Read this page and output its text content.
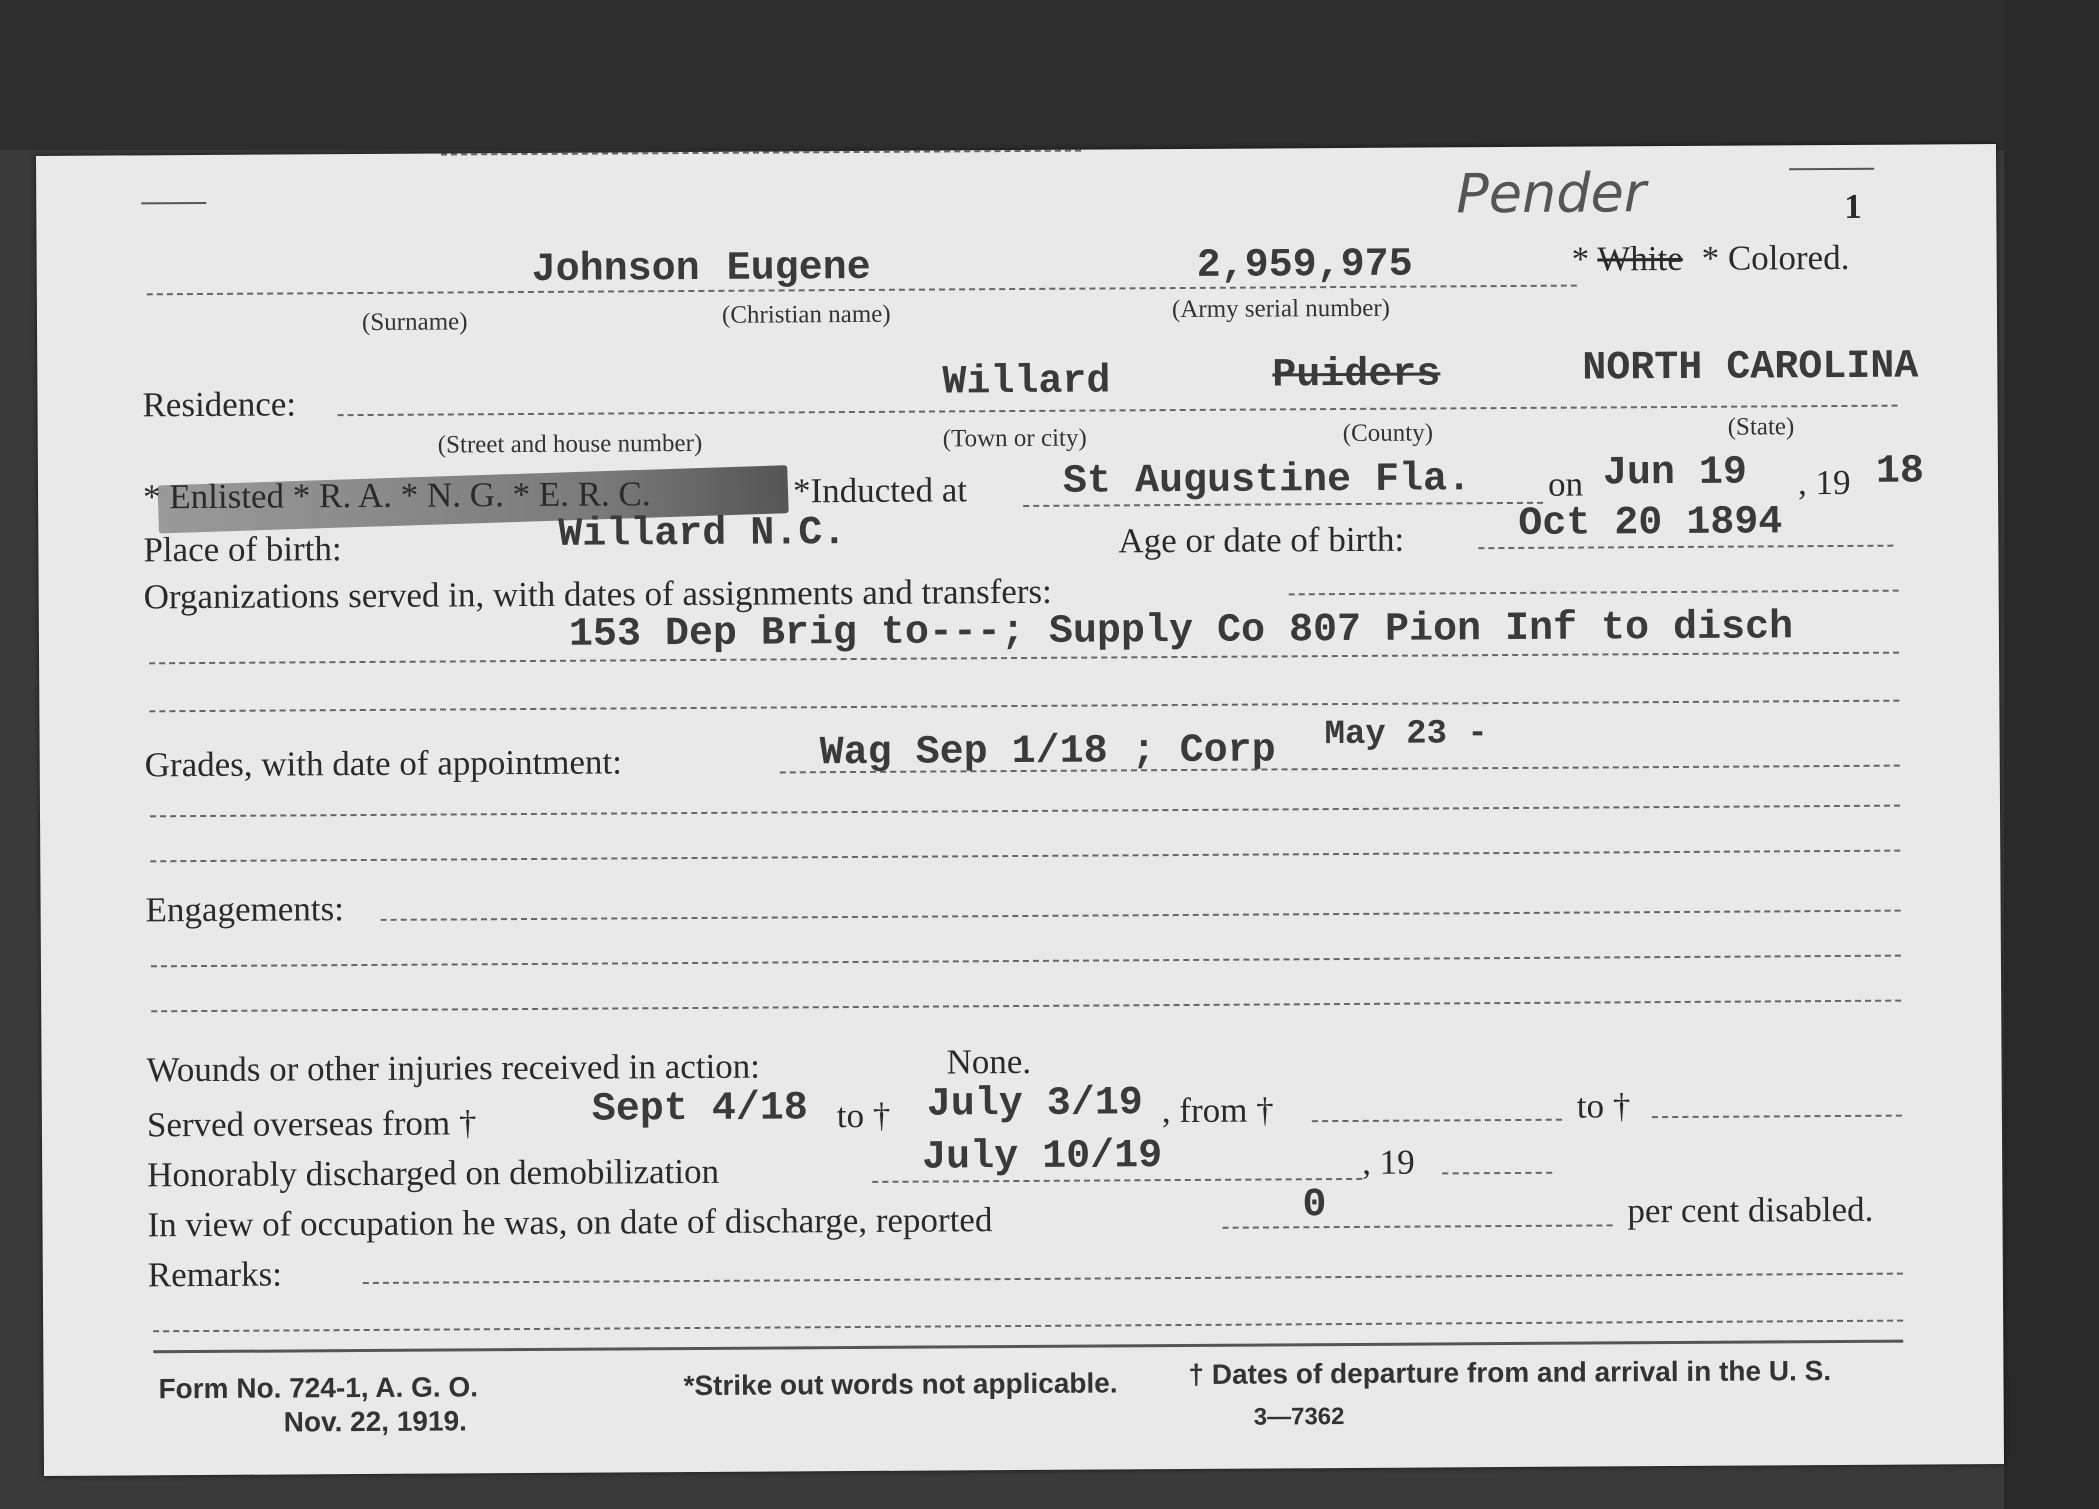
Pender	1
Johnson Eugene	2,959,975	* White * Colored.
(Surname)	(Christian name)	(Army serial number)
Residence:	Willard	Puiders	NORTH CAROLINA
(Street and house number)	(Town or city)	(County)	(State)
* Enlisted * R. A. * N. G. * E. R. C.	*Inducted at St Augustine Fla. on Jun 19 , 19 18
Place of birth:	Willard N.C.	Age or date of birth:	Oct 20 1894
Organizations served in, with dates of assignments and transfers:
153 Dep Brig to---; Supply Co 807 Pion Inf to disch
Grades, with date of appointment:	Wag Sep 1/18 ; Corp May 23 -
Engagements:
Wounds or other injuries received in action:	None.
Served overseas from †	Sept 4/18 to † July 3/19 , from †	to †
Honorably discharged on demobilization	July 10/19	, 19
In view of occupation he was, on date of discharge, reported	0	per cent disabled.
Remarks:
Form No. 724-1, A. G. O.
Nov. 22, 1919.
*Strike out words not applicable.	† Dates of departure from and arrival in the U. S.
3—7362
